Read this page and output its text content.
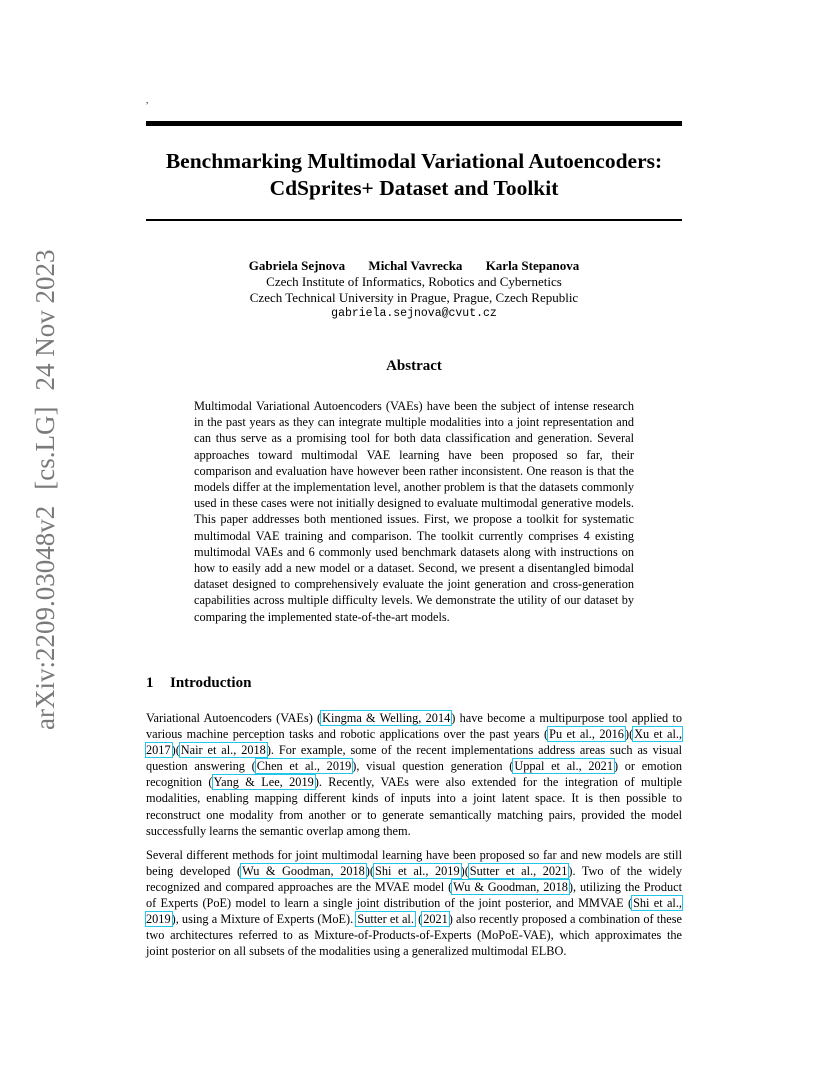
,
arXiv:2209.03048v2[cs.LG]24 Nov 2023
Benchmarking Multimodal Variational Autoencoders:
CdSprites+ Dataset and Toolkit
Gabriela Sejnova Michal Vavrecka Karla Stepanova
Czech Institute of Informatics, Robotics and Cybernetics
Czech Technical University in Prague, Prague, Czech Republic
gabriela.sejnova@cvut.cz
Abstract
Multimodal Variational Autoencoders (VAEs) have been the subject of intense research in the past years as they can integrate multiple modalities into a joint representation and can thus serve as a promising tool for both data classification and generation. Several approaches toward multimodal VAE learning have been proposed so far, their comparison and evaluation have however been rather inconsistent. One reason is that the models differ at the implementation level, another problem is that the datasets commonly used in these cases were not initially designed to evaluate multimodal generative models. This paper addresses both mentioned issues. First, we propose a toolkit for systematic multimodal VAE training and comparison. The toolkit currently comprises 4 existing multimodal VAEs and 6 commonly used benchmark datasets along with instructions on how to easily add a new model or a dataset. Second, we present a disentangled bimodal dataset designed to comprehensively evaluate the joint generation and cross-generation capabilities across multiple difficulty levels. We demonstrate the utility of our dataset by comparing the implemented state-of-the-art models.
1 Introduction

Variational Autoencoders (VAEs) (Kingma & Welling, 2014) have become a multipurpose tool applied to various machine perception tasks and robotic applications over the past years (Pu et al., 2016)(Xu et al., 2017)(Nair et al., 2018). For example, some of the recent implementations address areas such as visual question answering (Chen et al., 2019), visual question generation (Uppal et al., 2021) or emotion recognition (Yang & Lee, 2019). Recently, VAEs were also extended for the integration of multiple modalities, enabling mapping different kinds of inputs into a joint latent space. It is then possible to reconstruct one modality from another or to generate semantically matching pairs, provided the model successfully learns the semantic overlap among them.

Several different methods for joint multimodal learning have been proposed so far and new models are still being developed (Wu & Goodman, 2018)(Shi et al., 2019)(Sutter et al., 2021). Two of the widely recognized and compared approaches are the MVAE model (Wu & Goodman, 2018), utilizing the Product of Experts (PoE) model to learn a single joint distribution of the joint posterior, and MMVAE (Shi et al., 2019), using a Mixture of Experts (MoE). Sutter et al. (2021) also recently proposed a combination of these two architectures referred to as Mixture-of-Products-of-Experts (MoPoE-VAE), which approximates the joint posterior on all subsets of the modalities using a generalized multimodal ELBO.
